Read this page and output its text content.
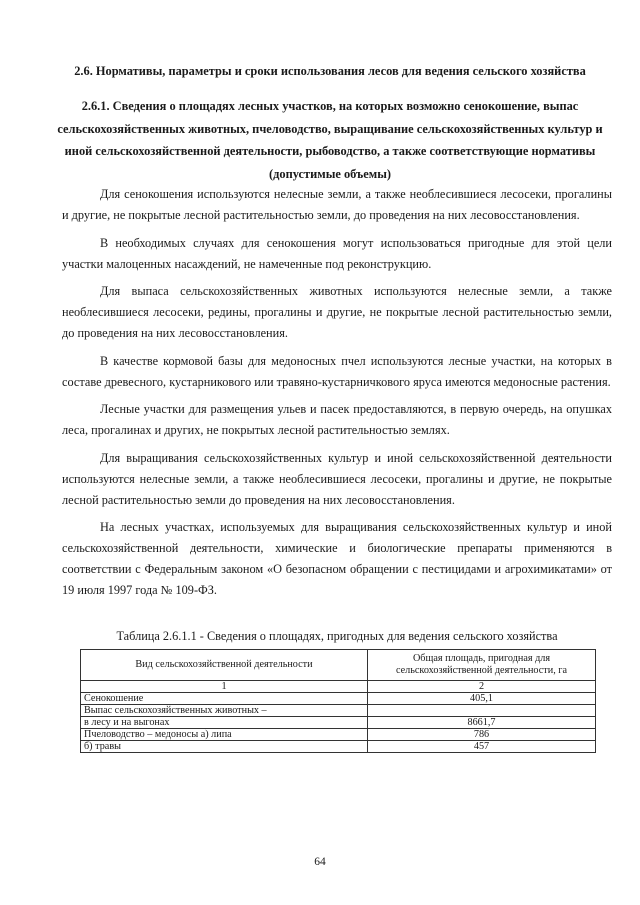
2.6. Нормативы, параметры и сроки использования лесов для ведения сельского хозяйства
2.6.1. Сведения о площадях лесных участков, на которых возможно сенокошение, выпас сельскохозяйственных животных, пчеловодство, выращивание сельскохозяйственных культур и иной сельскохозяйственной деятельности, рыбоводство, а также соответствующие нормативы (допустимые объемы)

Для сенокошения используются нелесные земли, а также необлесившиеся лесосеки, прогалины и другие, не покрытые лесной растительностью земли, до проведения на них лесовосстановления.

В необходимых случаях для сенокошения могут использоваться пригодные для этой цели участки малоценных насаждений, не намеченные под реконструкцию.

Для выпаса сельскохозяйственных животных используются нелесные земли, а также необлесившиеся лесосеки, редины, прогалины и другие, не покрытые лесной растительностью земли, до проведения на них лесовосстановления.

В качестве кормовой базы для медоносных пчел используются лесные участки, на которых в составе древесного, кустарникового или травяно-кустарничкового яруса имеются медоносные растения.

Лесные участки для размещения ульев и пасек предоставляются, в первую очередь, на опушках леса, прогалинах и других, не покрытых лесной растительностью землях.

Для выращивания сельскохозяйственных культур и иной сельскохозяйственной деятельности используются нелесные земли, а также необлесившиеся лесосеки, прогалины и другие, не покрытые лесной растительностью земли до проведения на них лесовосстановления.

На лесных участках, используемых для выращивания сельскохозяйственных культур и иной сельскохозяйственной деятельности, химические и биологические препараты применяются в соответствии с Федеральным законом «О безопасном обращении с пестицидами и агрохимикатами» от 19 июля 1997 года № 109-ФЗ.

Таблица 2.6.1.1 - Сведения о площадях, пригодных для ведения сельского хозяйства
Вид сельскохозяйственной деятельности	Общая площадь, пригодная для сельскохозяйственной деятельности, га
1	2
Сенокошение	405,1
Выпас сельскохозяйственных животных –	
в лесу и на выгонах	8661,7
Пчеловодство – медоносы а) липа	786
б) травы	457
64
